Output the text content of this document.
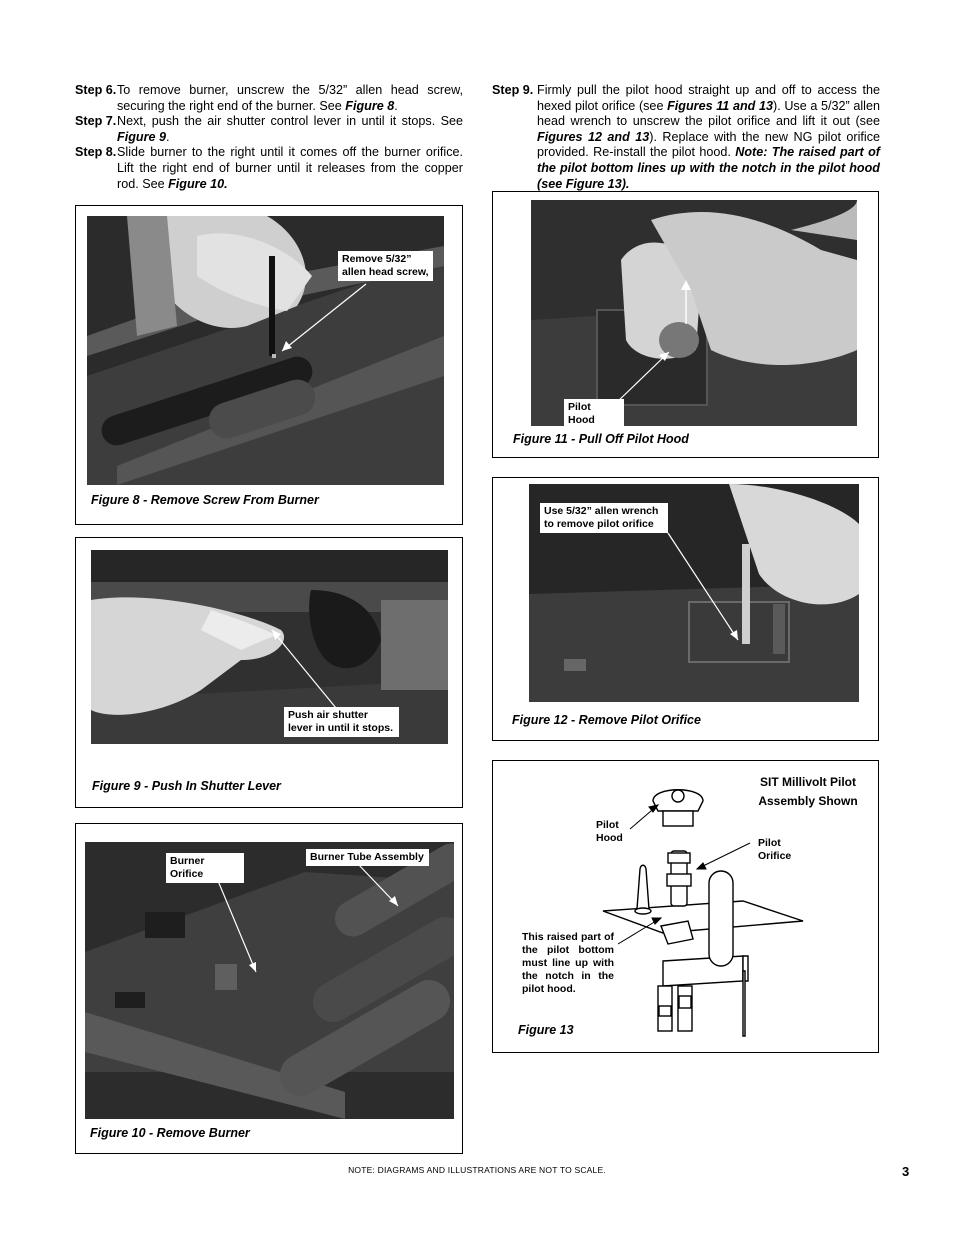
Step 6. To remove burner, unscrew the 5/32” allen head screw, securing the right end of the burner. See Figure 8.
Step 7. Next, push the air shutter control lever in until it stops. See Figure 9.
Step 8. Slide burner to the right until it comes off the burner orifice. Lift the right end of burner until it releases from the copper rod. See Figure 10.
Step 9. Firmly pull the pilot hood straight up and off to access the hexed pilot orifice (see Figures 11 and 13). Use a 5/32” allen head wrench to unscrew the pilot orifice and lift it out (see Figures 12 and 13). Replace with the new NG pilot orifice provided. Re-install the pilot hood. Note: The raised part of the pilot bottom lines up with the notch in the pilot hood (see Figure 13).
Remove 5/32” allen head screw,
Figure 8 - Remove Screw From Burner
Push air shutter lever in until it stops.
Figure 9 - Push In Shutter Lever
Burner Orifice
Burner Tube Assembly
Figure 10 - Remove Burner
Pilot Hood
Figure 11 - Pull Off Pilot Hood
Use 5/32” allen wrench to remove pilot orifice
Figure 12 - Remove Pilot Orifice
SIT Millivolt Pilot Assembly Shown
Pilot Hood	Pilot Orifice
This raised part of the pilot bottom must line up with the notch in the pilot hood.
Figure 13
NOTE: DIAGRAMS AND ILLUSTRATIONS ARE NOT TO SCALE.	3
